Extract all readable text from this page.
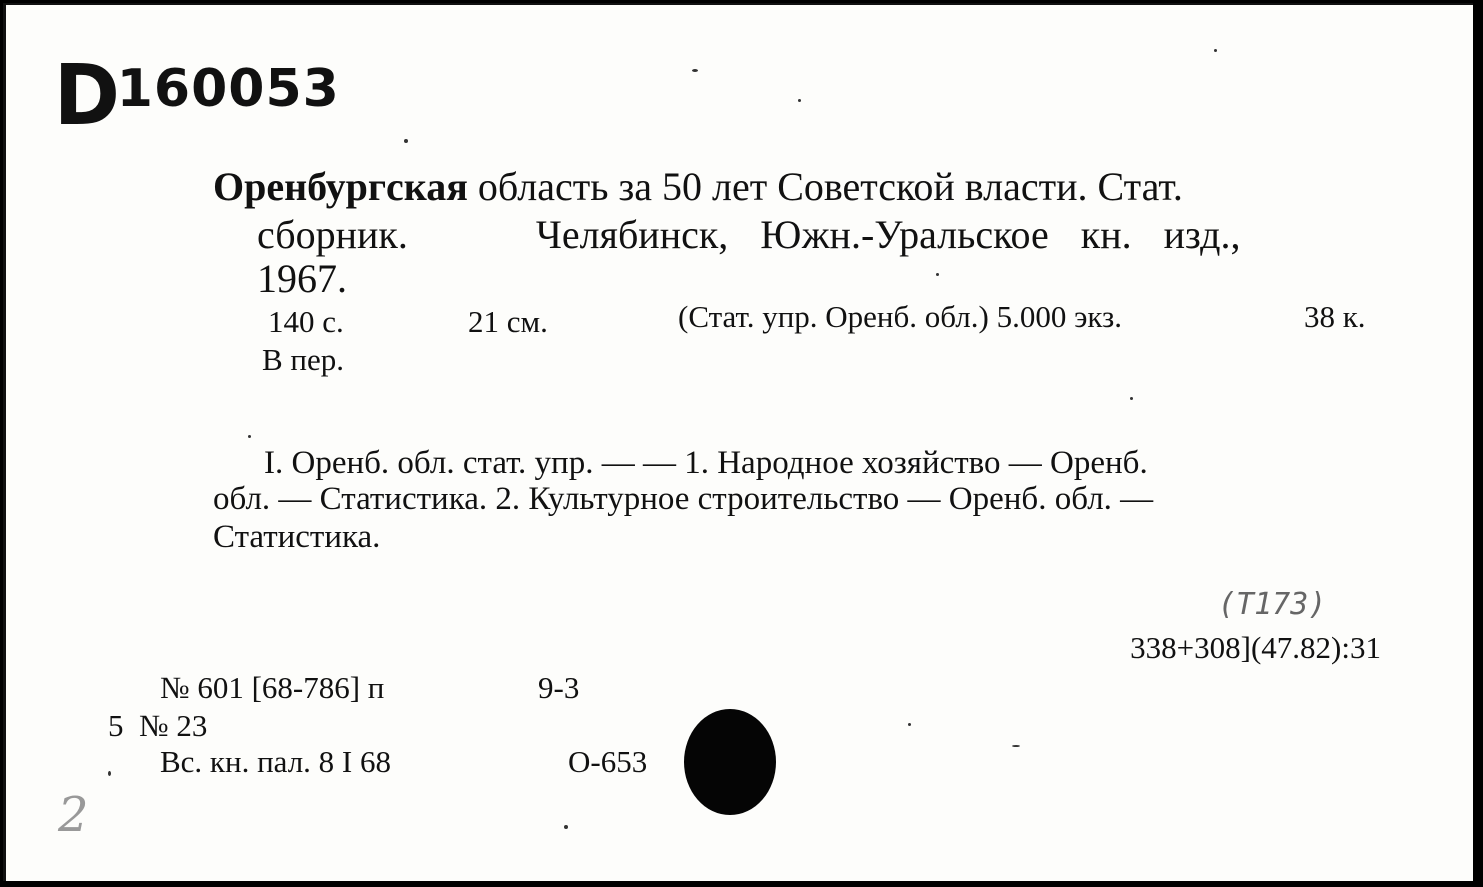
D160053
Оренбургская область за 50 лет Советской власти. Стат.
сборник.        Челябинск,  Южн.-Уральское  кн.  изд.,
1967.
140 с.	21 см.	(Стат. упр. Оренб. обл.) 5.000 экз.	38 к.
В пер.
I. Оренб. обл. стат. упр. — — 1. Народное хозяйство — Оренб.
обл. — Статистика. 2. Культурное строительство — Оренб. обл. —
Статистика.
(Т173)
338+308](47.82):31
№ 601 [68-786] п	9-3
5  № 23
Вс. кн. пал. 8 I 68	О-653
2
